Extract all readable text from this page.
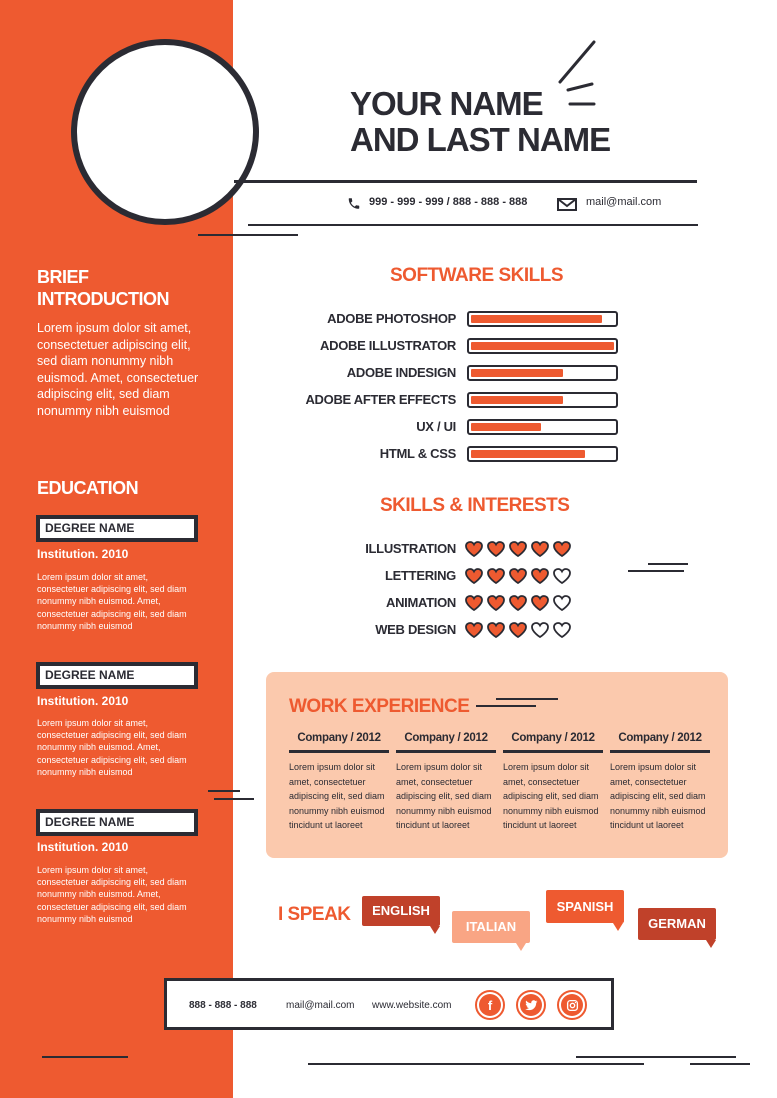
YOUR NAME
AND LAST NAME
999 - 999 - 999 / 888 - 888 - 888	mail@mail.com
BRIEF
INTRODUCTION
Lorem ipsum dolor sit amet, consectetuer adipiscing elit, sed diam nonummy nibh euismod. Amet, consectetuer adipiscing elit, sed diam nonummy nibh euismod
EDUCATION
DEGREE NAME
Institution. 2010
Lorem ipsum dolor sit amet, consectetuer adipiscing elit, sed diam nonummy nibh euismod. Amet, consectetuer adipiscing elit, sed diam nonummy nibh euismod
DEGREE NAME
Institution. 2010
Lorem ipsum dolor sit amet, consectetuer adipiscing elit, sed diam nonummy nibh euismod. Amet, consectetuer adipiscing elit, sed diam nonummy nibh euismod
DEGREE NAME
Institution. 2010
Lorem ipsum dolor sit amet, consectetuer adipiscing elit, sed diam nonummy nibh euismod. Amet, consectetuer adipiscing elit, sed diam nonummy nibh euismod
SOFTWARE SKILLS
ADOBE PHOTOSHOP
ADOBE ILLUSTRATOR
ADOBE INDESIGN
ADOBE AFTER EFFECTS
UX / UI
HTML & CSS
SKILLS & INTERESTS
ILLUSTRATION
LETTERING
ANIMATION
WEB DESIGN
WORK EXPERIENCE
Company / 2012
Lorem ipsum dolor sit amet, consectetuer adipiscing elit, sed diam nonummy nibh euismod tincidunt ut laoreet
Company / 2012
Lorem ipsum dolor sit amet, consectetuer adipiscing elit, sed diam nonummy nibh euismod tincidunt ut laoreet
Company / 2012
Lorem ipsum dolor sit amet, consectetuer adipiscing elit, sed diam nonummy nibh euismod tincidunt ut laoreet
Company / 2012
Lorem ipsum dolor sit amet, consectetuer adipiscing elit, sed diam nonummy nibh euismod tincidunt ut laoreet
I SPEAK	ENGLISH
ITALIAN
SPANISH
GERMAN
888 - 888 - 888	mail@mail.com www.website.com	f
